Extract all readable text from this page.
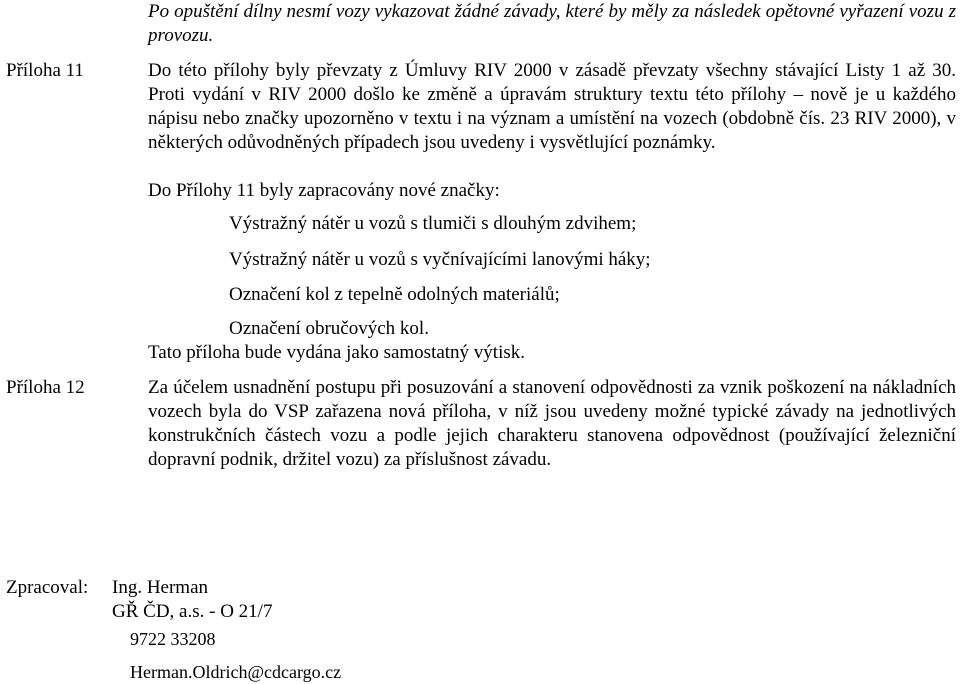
Po opuštění dílny nesmí vozy vykazovat žádné závady, které by měly za následek opětovné vyřazení vozu z provozu.
Příloha 11	Do této přílohy byly převzaty z Úmluvy RIV 2000 v zásadě převzaty všechny stávající Listy 1 až 30. Proti vydání v RIV 2000 došlo ke změně a úpravám struktury textu této přílohy – nově je u každého nápisu nebo značky upozorněno v textu i na význam a umístění na vozech (obdobně čís. 23 RIV 2000), v některých odůvodněných případech jsou uvedeny i vysvětlující poznámky.
Do Přílohy 11 byly zapracovány nové značky:
Výstražný nátěr u vozů s tlumiči s dlouhým zdvihem;
Výstražný nátěr u vozů s vyčnívajícími lanovými háky;
Označení kol z tepelně odolných materiálů;
Označení obručových kol.
Tato příloha bude vydána jako samostatný výtisk.
Příloha 12	Za účelem usnadnění postupu při posuzování a stanovení odpovědnosti za vznik poškození na nákladních vozech byla do VSP zařazena nová příloha, v níž jsou uvedeny možné typické závady na jednotlivých konstrukčních částech vozu a podle jejich charakteru stanovena odpovědnost (používající železniční dopravní podnik, držitel vozu) za příslušnost závadu.
Zpracoval: Ing. Herman
GŘ ČD, a.s. - O 21/7
9722 33208
Herman.Oldrich@cdcargo.cz
